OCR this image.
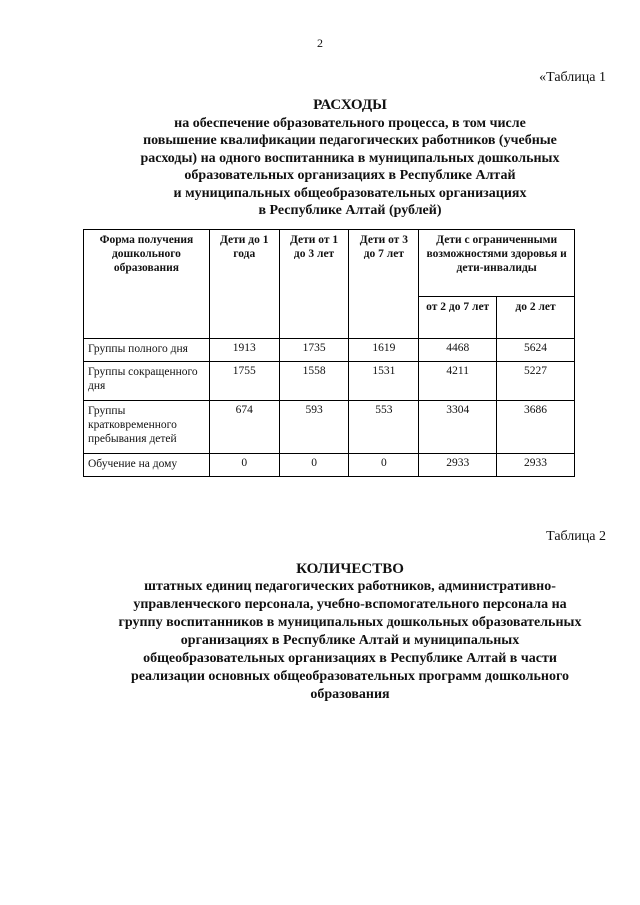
2
«Таблица 1
РАСХОДЫ
на обеспечение образовательного процесса, в том числе
повышение квалификации педагогических работников (учебные
расходы) на одного воспитанника в муниципальных дошкольных
образовательных организациях в Республике Алтай
и муниципальных общеобразовательных организациях
в Республике Алтай (рублей)
Форма получения дошкольного образования	Дети до 1 года	Дети от 1 до 3 лет	Дети от 3 до 7 лет	Дети с ограниченными возможностями здоровья и дети-инвалиды	
				от 2 до 7 лет	до 2 лет
Группы полного дня	1913	1735	1619	4468	5624
Группы сокращенного дня	1755	1558	1531	4211	5227
Группы кратковременного пребывания детей	674	593	553	3304	3686
Обучение на дому	0	0	0	2933	2933
Таблица 2
КОЛИЧЕСТВО
штатных единиц педагогических работников, административно-
управленческого персонала, учебно-вспомогательного персонала на
группу воспитанников в муниципальных дошкольных образовательных
организациях в Республике Алтай и муниципальных
общеобразовательных организациях в Республике Алтай в части
реализации основных общеобразовательных программ дошкольного
образования
